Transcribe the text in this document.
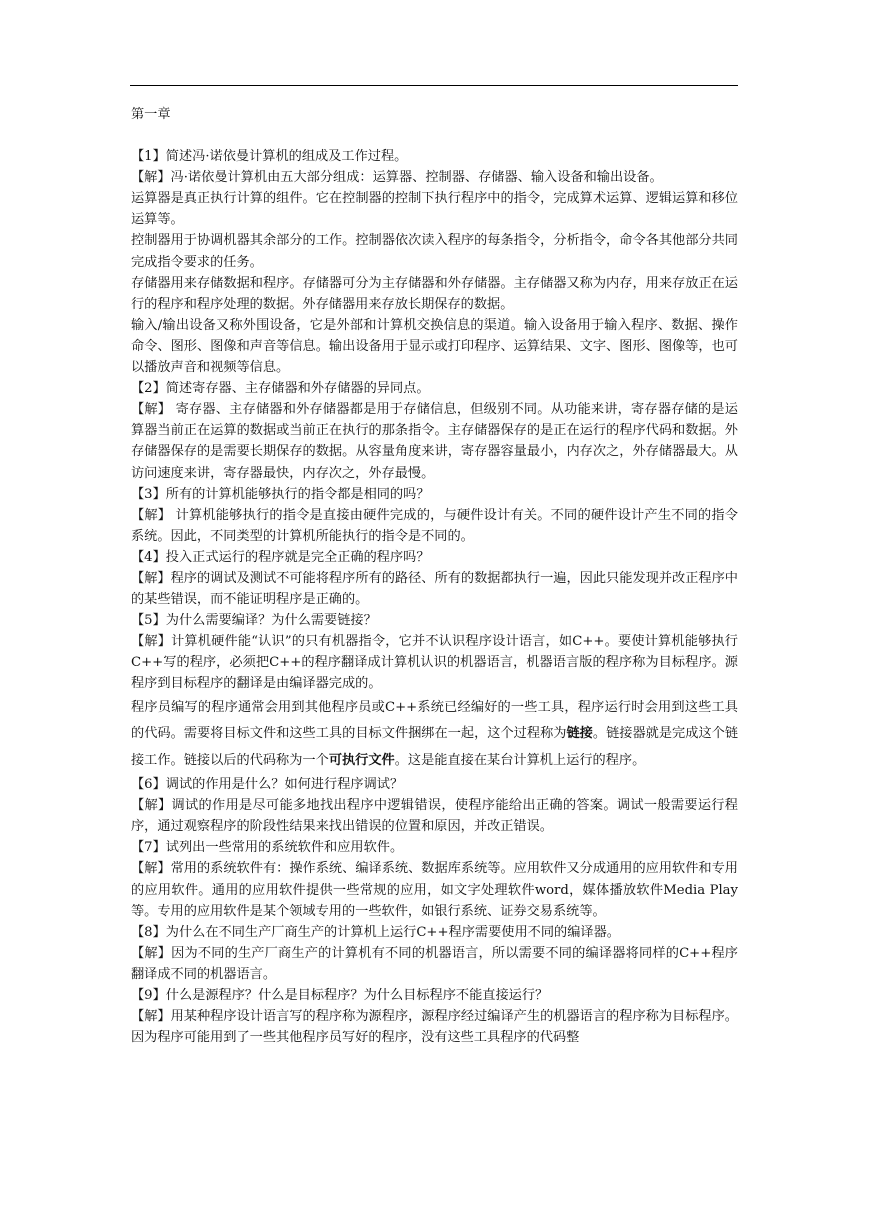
第一章

【1】简述冯·诺依曼计算机的组成及工作过程。

【解】冯·诺依曼计算机由五大部分组成：运算器、控制器、存储器、输入设备和输出设备。

运算器是真正执行计算的组件。它在控制器的控制下执行程序中的指令，完成算术运算、逻辑运算和移位运算等。

控制器用于协调机器其余部分的工作。控制器依次读入程序的每条指令，分析指令，命令各其他部分共同完成指令要求的任务。

存储器用来存储数据和程序。存储器可分为主存储器和外存储器。主存储器又称为内存，用来存放正在运行的程序和程序处理的数据。外存储器用来存放长期保存的数据。

输入/输出设备又称外围设备，它是外部和计算机交换信息的渠道。输入设备用于输入程序、数据、操作命令、图形、图像和声音等信息。输出设备用于显示或打印程序、运算结果、文字、图形、图像等，也可以播放声音和视频等信息。

【2】简述寄存器、主存储器和外存储器的异同点。

【解】 寄存器、主存储器和外存储器都是用于存储信息，但级别不同。从功能来讲，寄存器存储的是运算器当前正在运算的数据或当前正在执行的那条指令。主存储器保存的是正在运行的程序代码和数据。外存储器保存的是需要长期保存的数据。从容量角度来讲，寄存器容量最小，内存次之，外存储器最大。从访问速度来讲，寄存器最快，内存次之，外存最慢。

【3】所有的计算机能够执行的指令都是相同的吗？

【解】 计算机能够执行的指令是直接由硬件完成的，与硬件设计有关。不同的硬件设计产生不同的指令系统。因此，不同类型的计算机所能执行的指令是不同的。

【4】投入正式运行的程序就是完全正确的程序吗？

【解】程序的调试及测试不可能将程序所有的路径、所有的数据都执行一遍，因此只能发现并改正程序中的某些错误，而不能证明程序是正确的。

【5】为什么需要编译？为什么需要链接？

【解】计算机硬件能“认识”的只有机器指令，它并不认识程序设计语言，如C++。要使计算机能够执行C++写的程序，必须把C++的程序翻译成计算机认识的机器语言，机器语言版的程序称为目标程序。源程序到目标程序的翻译是由编译器完成的。

程序员编写的程序通常会用到其他程序员或C++系统已经编好的一些工具，程序运行时会用到这些工具的代码。需要将目标文件和这些工具的目标文件捆绑在一起，这个过程称为链接。链接器就是完成这个链接工作。链接以后的代码称为一个可执行文件。这是能直接在某台计算机上运行的程序。

【6】调试的作用是什么？如何进行程序调试？

【解】调试的作用是尽可能多地找出程序中逻辑错误，使程序能给出正确的答案。调试一般需要运行程序，通过观察程序的阶段性结果来找出错误的位置和原因，并改正错误。

【7】试列出一些常用的系统软件和应用软件。

【解】常用的系统软件有：操作系统、编译系统、数据库系统等。应用软件又分成通用的应用软件和专用的应用软件。通用的应用软件提供一些常规的应用，如文字处理软件word，媒体播放软件Media Play等。专用的应用软件是某个领域专用的一些软件，如银行系统、证券交易系统等。

【8】为什么在不同生产厂商生产的计算机上运行C++程序需要使用不同的编译器。

【解】因为不同的生产厂商生产的计算机有不同的机器语言，所以需要不同的编译器将同样的C++程序翻译成不同的机器语言。

【9】什么是源程序？什么是目标程序？为什么目标程序不能直接运行？

【解】用某种程序设计语言写的程序称为源程序，源程序经过编译产生的机器语言的程序称为目标程序。因为程序可能用到了一些其他程序员写好的程序，没有这些工具程序的代码整
